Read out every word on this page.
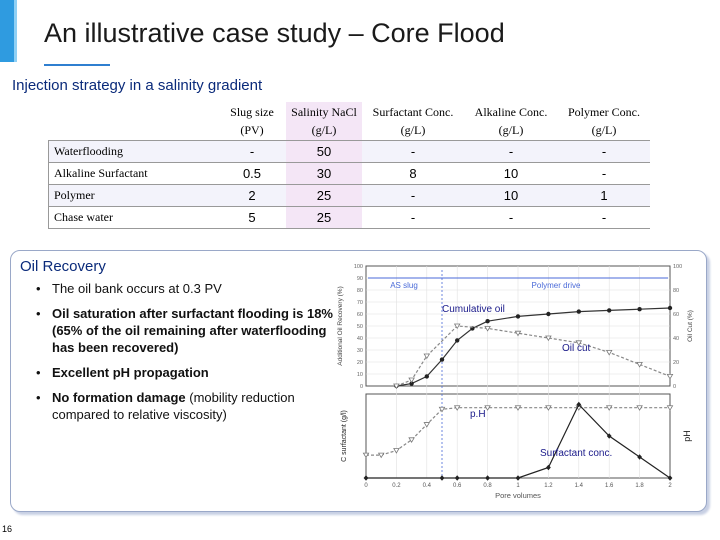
An illustrative case study – Core Flood
Injection strategy in a salinity gradient
	Slug size (PV)	Salinity NaCl (g/L)	Surfactant Conc. (g/L)	Alkaline Conc. (g/L)	Polymer Conc. (g/L)
Waterflooding	-	50	-	-	-
Alkaline Surfactant	0.5	30	8	10	-
Polymer	2	25	-	10	1
Chase water	5	25	-	-	-
Oil Recovery
• The oil bank occurs at 0.3 PV
• Oil saturation after surfactant flooding is 18% (65% of the oil remaining after waterflooding has been recovered)
• Excellent pH propagation
• No formation damage (mobility reduction compared to relative viscosity)
0
10
20
30
40
50
60
70
80
90
100
0
20
40
60
80
100
0	0.2	0.4	0.6	0.8	1	1.2	1.4	1.6	1.8	2
Pore volumes
Additional Oil Recovery (%)	Oil Cut (%)
C surfactant (g/l)	pH
AS slug	Polymer drive
Cumulative oil
Oil cut
p.H
Surfactant conc.
16
